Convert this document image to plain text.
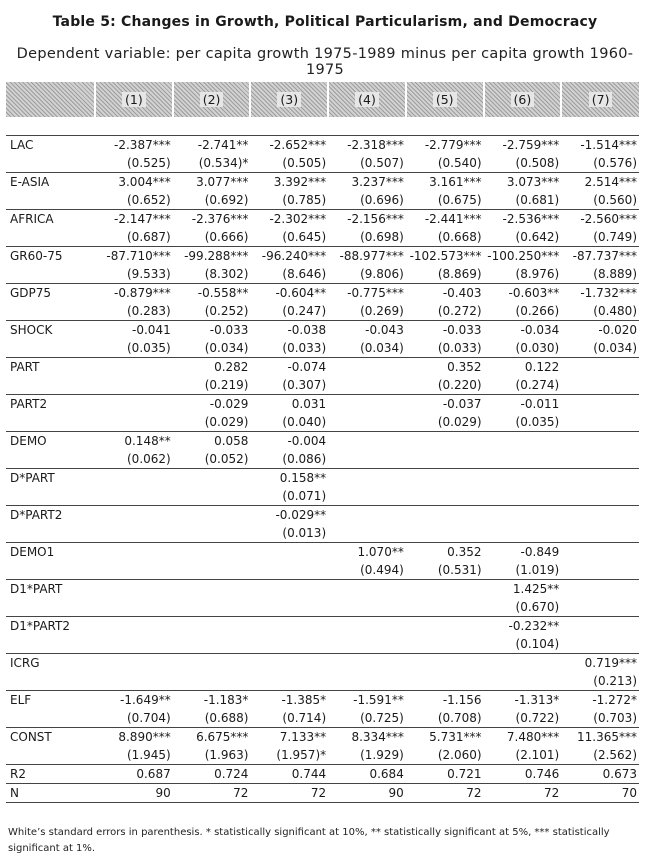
Table 5: Changes in Growth, Political Particularism, and Democracy
Dependent variable: per capita growth 1975-1989 minus per capita growth 1960-1975
	(1)	(2)	(3)	(4)	(5)	(6)	(7)

LAC	-2.387***	-2.741**	-2.652***	-2.318***	-2.779***	-2.759***	-1.514***
	(0.525)	(0.534)*	(0.505)	(0.507)	(0.540)	(0.508)	(0.576)
E-ASIA	3.004***	3.077***	3.392***	3.237***	3.161***	3.073***	2.514***
	(0.652)	(0.692)	(0.785)	(0.696)	(0.675)	(0.681)	(0.560)
AFRICA	-2.147***	-2.376***	-2.302***	-2.156***	-2.441***	-2.536***	-2.560***
	(0.687)	(0.666)	(0.645)	(0.698)	(0.668)	(0.642)	(0.749)
GR60-75	-87.710***	-99.288***	-96.240***	-88.977***	-102.573***	-100.250***	-87.737***
	(9.533)	(8.302)	(8.646)	(9.806)	(8.869)	(8.976)	(8.889)
GDP75	-0.879***	-0.558**	-0.604**	-0.775***	-0.403	-0.603**	-1.732***
	(0.283)	(0.252)	(0.247)	(0.269)	(0.272)	(0.266)	(0.480)
SHOCK	-0.041	-0.033	-0.038	-0.043	-0.033	-0.034	-0.020
	(0.035)	(0.034)	(0.033)	(0.034)	(0.033)	(0.030)	(0.034)
PART		0.282	-0.074		0.352	0.122	
		(0.219)	(0.307)		(0.220)	(0.274)	
PART2		-0.029	0.031		-0.037	-0.011	
		(0.029)	(0.040)		(0.029)	(0.035)	
DEMO	0.148**	0.058	-0.004				
	(0.062)	(0.052)	(0.086)				
D*PART			0.158**				
			(0.071)				
D*PART2			-0.029**				
			(0.013)				
DEMO1				1.070**	0.352	-0.849	
				(0.494)	(0.531)	(1.019)	
D1*PART						1.425**	
						(0.670)	
D1*PART2						-0.232**	
						(0.104)	
ICRG							0.719***
							(0.213)
ELF	-1.649**	-1.183*	-1.385*	-1.591**	-1.156	-1.313*	-1.272*
	(0.704)	(0.688)	(0.714)	(0.725)	(0.708)	(0.722)	(0.703)
CONST	8.890***	6.675***	7.133**	8.334***	5.731***	7.480***	11.365***
	(1.945)	(1.963)	(1.957)*	(1.929)	(2.060)	(2.101)	(2.562)
R2	0.687	0.724	0.744	0.684	0.721	0.746	0.673
N	90	72	72	90	72	72	70
White’s standard errors in parenthesis. * statistically significant at 10%, ** statistically significant at 5%, *** statistically significant at 1%.
